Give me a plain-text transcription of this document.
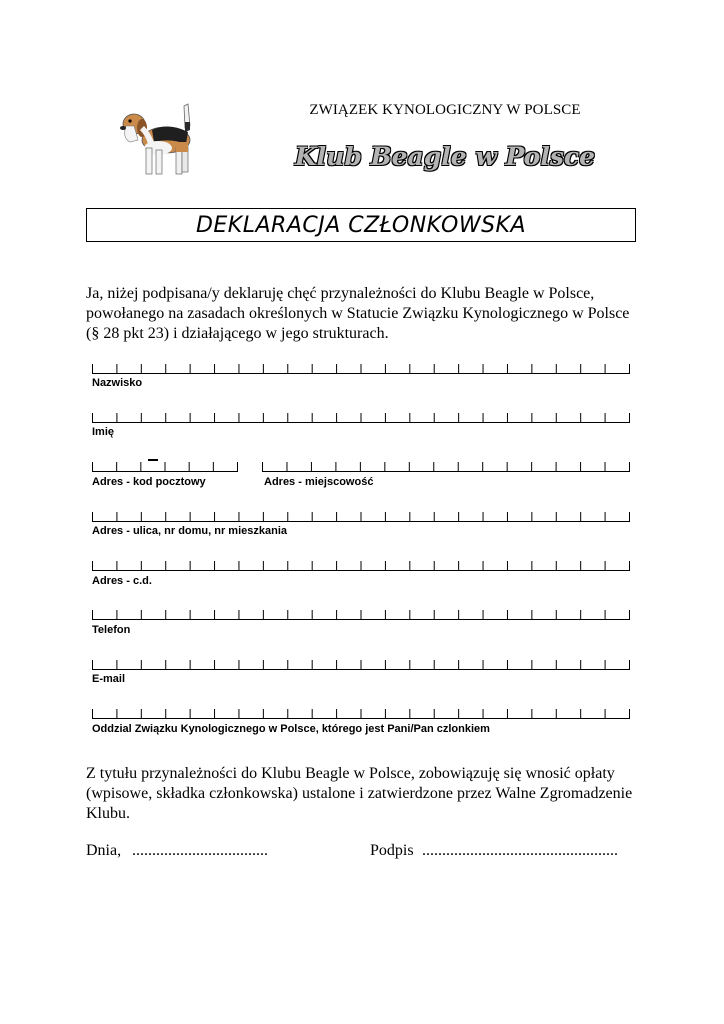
ZWIĄZEK KYNOLOGICZNY W POLSCE
Klub Beagle w Polsce
DEKLARACJA CZŁONKOWSKA
Ja, niżej podpisana/y deklaruję chęć przynależności do Klubu Beagle w Polsce, powołanego na zasadach określonych w Statucie Związku Kynologicznego w Polsce (§ 28 pkt 23) i działającego w jego strukturach.
Nazwisko
Imię
Adres - kod pocztowy	Adres - miejscowość
Adres - ulica, nr domu, nr mieszkania
Adres - c.d.
Telefon
E-mail
Oddzial Związku Kynologicznego w Polsce, którego jest Pani/Pan czlonkiem
Z tytułu przynależności do Klubu Beagle w Polsce, zobowiązuję się wnosić opłaty (wpisowe, składka członkowska) ustalone i zatwierdzone przez Walne Zgromadzenie Klubu.
Dnia, ..................................	Podpis .................................................
